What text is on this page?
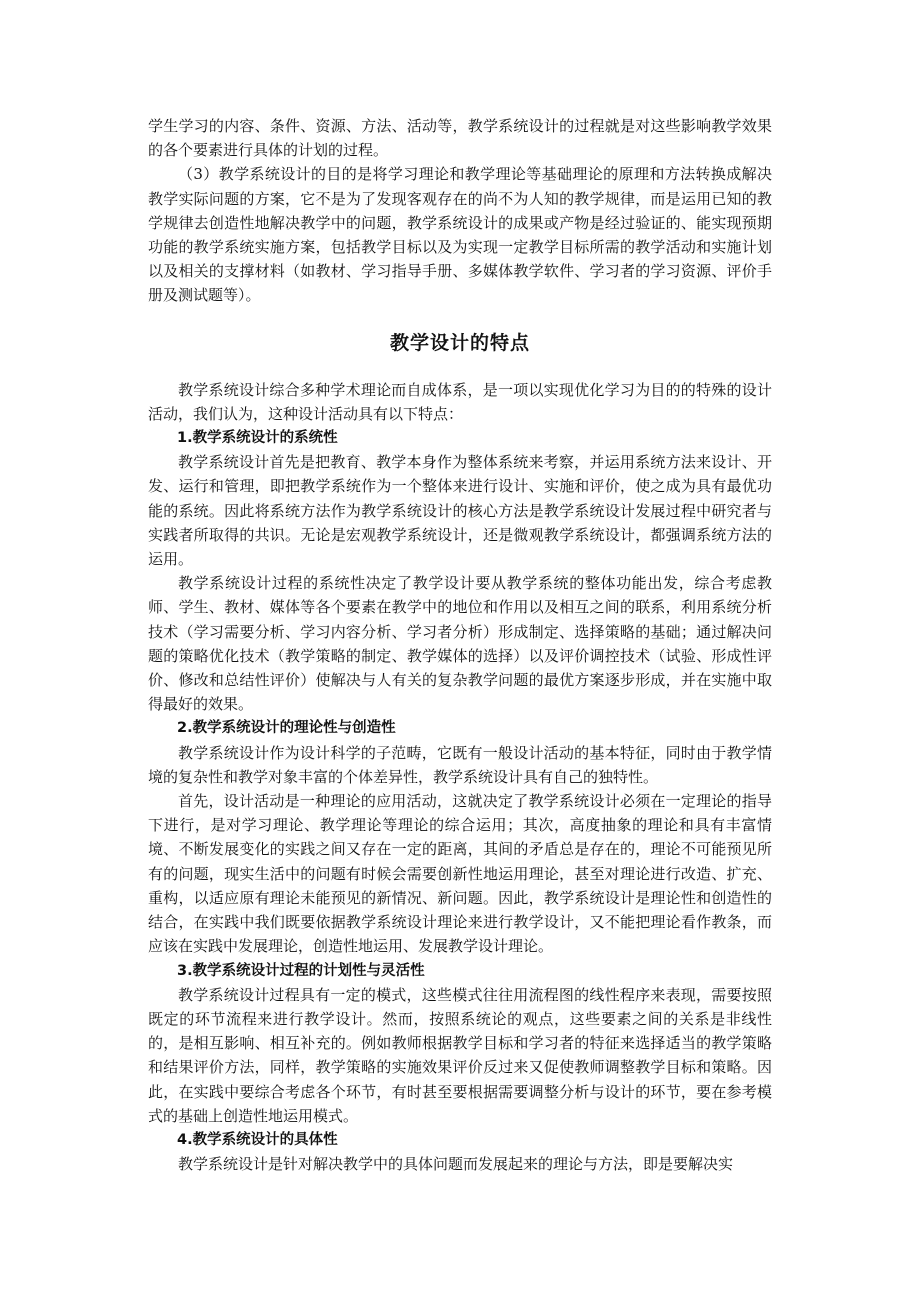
学生学习的内容、条件、资源、方法、活动等，教学系统设计的过程就是对这些影响教学效果的各个要素进行具体的计划的过程。

（3）教学系统设计的目的是将学习理论和教学理论等基础理论的原理和方法转换成解决教学实际问题的方案，它不是为了发现客观存在的尚不为人知的教学规律，而是运用已知的教学规律去创造性地解决教学中的问题，教学系统设计的成果或产物是经过验证的、能实现预期功能的教学系统实施方案，包括教学目标以及为实现一定教学目标所需的教学活动和实施计划以及相关的支撑材料（如教材、学习指导手册、多媒体教学软件、学习者的学习资源、评价手册及测试题等）。

教学设计的特点

教学系统设计综合多种学术理论而自成体系，是一项以实现优化学习为目的的特殊的设计活动，我们认为，这种设计活动具有以下特点：

1.教学系统设计的系统性

教学系统设计首先是把教育、教学本身作为整体系统来考察，并运用系统方法来设计、开发、运行和管理，即把教学系统作为一个整体来进行设计、实施和评价，使之成为具有最优功能的系统。因此将系统方法作为教学系统设计的核心方法是教学系统设计发展过程中研究者与实践者所取得的共识。无论是宏观教学系统设计，还是微观教学系统设计，都强调系统方法的运用。

教学系统设计过程的系统性决定了教学设计要从教学系统的整体功能出发，综合考虑教师、学生、教材、媒体等各个要素在教学中的地位和作用以及相互之间的联系，利用系统分析技术（学习需要分析、学习内容分析、学习者分析）形成制定、选择策略的基础；通过解决问题的策略优化技术（教学策略的制定、教学媒体的选择）以及评价调控技术（试验、形成性评价、修改和总结性评价）使解决与人有关的复杂教学问题的最优方案逐步形成，并在实施中取得最好的效果。

2.教学系统设计的理论性与创造性

教学系统设计作为设计科学的子范畴，它既有一般设计活动的基本特征，同时由于教学情境的复杂性和教学对象丰富的个体差异性，教学系统设计具有自己的独特性。

首先，设计活动是一种理论的应用活动，这就决定了教学系统设计必须在一定理论的指导下进行，是对学习理论、教学理论等理论的综合运用；其次，高度抽象的理论和具有丰富情境、不断发展变化的实践之间又存在一定的距离，其间的矛盾总是存在的，理论不可能预见所有的问题，现实生活中的问题有时候会需要创新性地运用理论，甚至对理论进行改造、扩充、重构，以适应原有理论未能预见的新情况、新问题。因此，教学系统设计是理论性和创造性的结合，在实践中我们既要依据教学系统设计理论来进行教学设计，又不能把理论看作教条，而应该在实践中发展理论，创造性地运用、发展教学设计理论。

3.教学系统设计过程的计划性与灵活性

教学系统设计过程具有一定的模式，这些模式往往用流程图的线性程序来表现，需要按照既定的环节流程来进行教学设计。然而，按照系统论的观点，这些要素之间的关系是非线性的，是相互影响、相互补充的。例如教师根据教学目标和学习者的特征来选择适当的教学策略和结果评价方法，同样，教学策略的实施效果评价反过来又促使教师调整教学目标和策略。因此，在实践中要综合考虑各个环节，有时甚至要根据需要调整分析与设计的环节，要在参考模式的基础上创造性地运用模式。

4.教学系统设计的具体性

教学系统设计是针对解决教学中的具体问题而发展起来的理论与方法，即是要解决实
